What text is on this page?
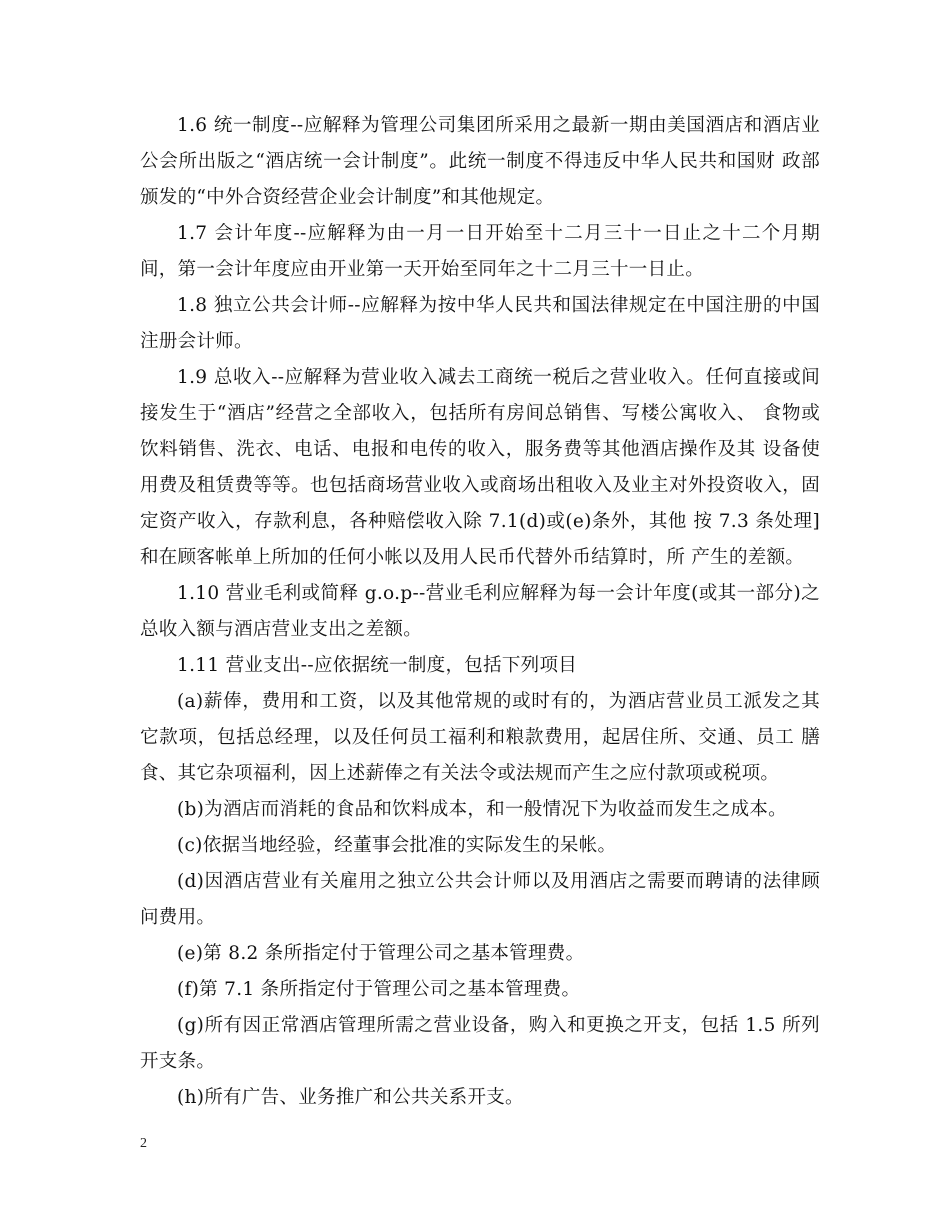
1.6 统一制度--应解释为管理公司集团所采用之最新一期由美国酒店和酒店业公会所出版之“酒店统一会计制度”。此统一制度不得违反中华人民共和国财 政部颁发的“中外合资经营企业会计制度”和其他规定。

1.7 会计年度--应解释为由一月一日开始至十二月三十一日止之十二个月期间，第一会计年度应由开业第一天开始至同年之十二月三十一日止。

1.8 独立公共会计师--应解释为按中华人民共和国法律规定在中国注册的中国注册会计师。

1.9 总收入--应解释为营业收入减去工商统一税后之营业收入。任何直接或间接发生于“酒店”经营之全部收入，包括所有房间总销售、写楼公寓收入、 食物或饮料销售、洗衣、电话、电报和电传的收入，服务费等其他酒店操作及其 设备使用费及租赁费等等。也包括商场营业收入或商场出租收入及业主对外投资收入，固定资产收入，存款利息，各种赔偿收入除 7.1(d)或(e)条外，其他 按 7.3 条处理]和在顾客帐单上所加的任何小帐以及用人民币代替外币结算时，所 产生的差额。

1.10 营业毛利或简释 g.o.p--营业毛利应解释为每一会计年度(或其一部分)之总收入额与酒店营业支出之差额。

1.11 营业支出--应依据统一制度，包括下列项目

(a)薪俸，费用和工资，以及其他常规的或时有的，为酒店营业员工派发之其它款项，包括总经理，以及任何员工福利和粮款费用，起居住所、交通、员工 膳食、其它杂项福利，因上述薪俸之有关法令或法规而产生之应付款项或税项。

(b)为酒店而消耗的食品和饮料成本，和一般情况下为收益而发生之成本。

(c)依据当地经验，经董事会批准的实际发生的呆帐。

(d)因酒店营业有关雇用之独立公共会计师以及用酒店之需要而聘请的法律顾问费用。

(e)第 8.2 条所指定付于管理公司之基本管理费。

(f)第 7.1 条所指定付于管理公司之基本管理费。

(g)所有因正常酒店管理所需之营业设备，购入和更换之开支，包括 1.5 所列开支条。

(h)所有广告、业务推广和公共关系开支。

2
